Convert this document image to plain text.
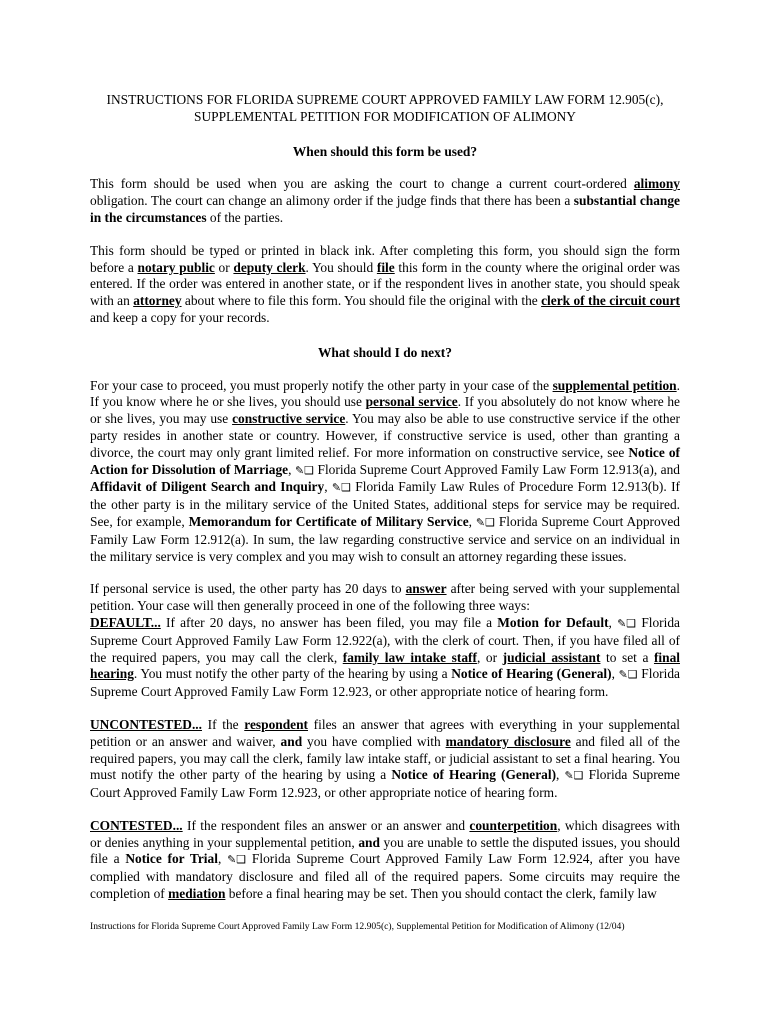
INSTRUCTIONS FOR FLORIDA SUPREME COURT APPROVED FAMILY LAW FORM 12.905(c),
SUPPLEMENTAL PETITION FOR MODIFICATION OF ALIMONY

When should this form be used?

This form should be used when you are asking the court to change a current court-ordered alimony obligation. The court can change an alimony order if the judge finds that there has been a substantial change in the circumstances of the parties.

This form should be typed or printed in black ink. After completing this form, you should sign the form before a notary public or deputy clerk. You should file this form in the county where the original order was entered. If the order was entered in another state, or if the respondent lives in another state, you should speak with an attorney about where to file this form. You should file the original with the clerk of the circuit court and keep a copy for your records.

What should I do next?

For your case to proceed, you must properly notify the other party in your case of the supplemental petition. If you know where he or she lives, you should use personal service. If you absolutely do not know where he or she lives, you may use constructive service. You may also be able to use constructive service if the other party resides in another state or country. However, if constructive service is used, other than granting a divorce, the court may only grant limited relief. For more information on constructive service, see Notice of Action for Dissolution of Marriage, ✎❑ Florida Supreme Court Approved Family Law Form 12.913(a), and Affidavit of Diligent Search and Inquiry, ✎❑ Florida Family Law Rules of Procedure Form 12.913(b). If the other party is in the military service of the United States, additional steps for service may be required. See, for example, Memorandum for Certificate of Military Service, ✎❑ Florida Supreme Court Approved Family Law Form 12.912(a). In sum, the law regarding constructive service and service on an individual in the military service is very complex and you may wish to consult an attorney regarding these issues.

If personal service is used, the other party has 20 days to answer after being served with your supplemental petition. Your case will then generally proceed in one of the following three ways:
DEFAULT... If after 20 days, no answer has been filed, you may file a Motion for Default, ✎❑ Florida Supreme Court Approved Family Law Form 12.922(a), with the clerk of court. Then, if you have filed all of the required papers, you may call the clerk, family law intake staff, or judicial assistant to set a final hearing. You must notify the other party of the hearing by using a Notice of Hearing (General), ✎❑ Florida Supreme Court Approved Family Law Form 12.923, or other appropriate notice of hearing form.

UNCONTESTED... If the respondent files an answer that agrees with everything in your supplemental petition or an answer and waiver, and you have complied with mandatory disclosure and filed all of the required papers, you may call the clerk, family law intake staff, or judicial assistant to set a final hearing. You must notify the other party of the hearing by using a Notice of Hearing (General), ✎❑ Florida Supreme Court Approved Family Law Form 12.923, or other appropriate notice of hearing form.

CONTESTED... If the respondent files an answer or an answer and counterpetition, which disagrees with or denies anything in your supplemental petition, and you are unable to settle the disputed issues, you should file a Notice for Trial, ✎❑ Florida Supreme Court Approved Family Law Form 12.924, after you have complied with mandatory disclosure and filed all of the required papers. Some circuits may require the completion of mediation before a final hearing may be set. Then you should contact the clerk, family law

Instructions for Florida Supreme Court Approved Family Law Form 12.905(c), Supplemental Petition for Modification of Alimony (12/04)
